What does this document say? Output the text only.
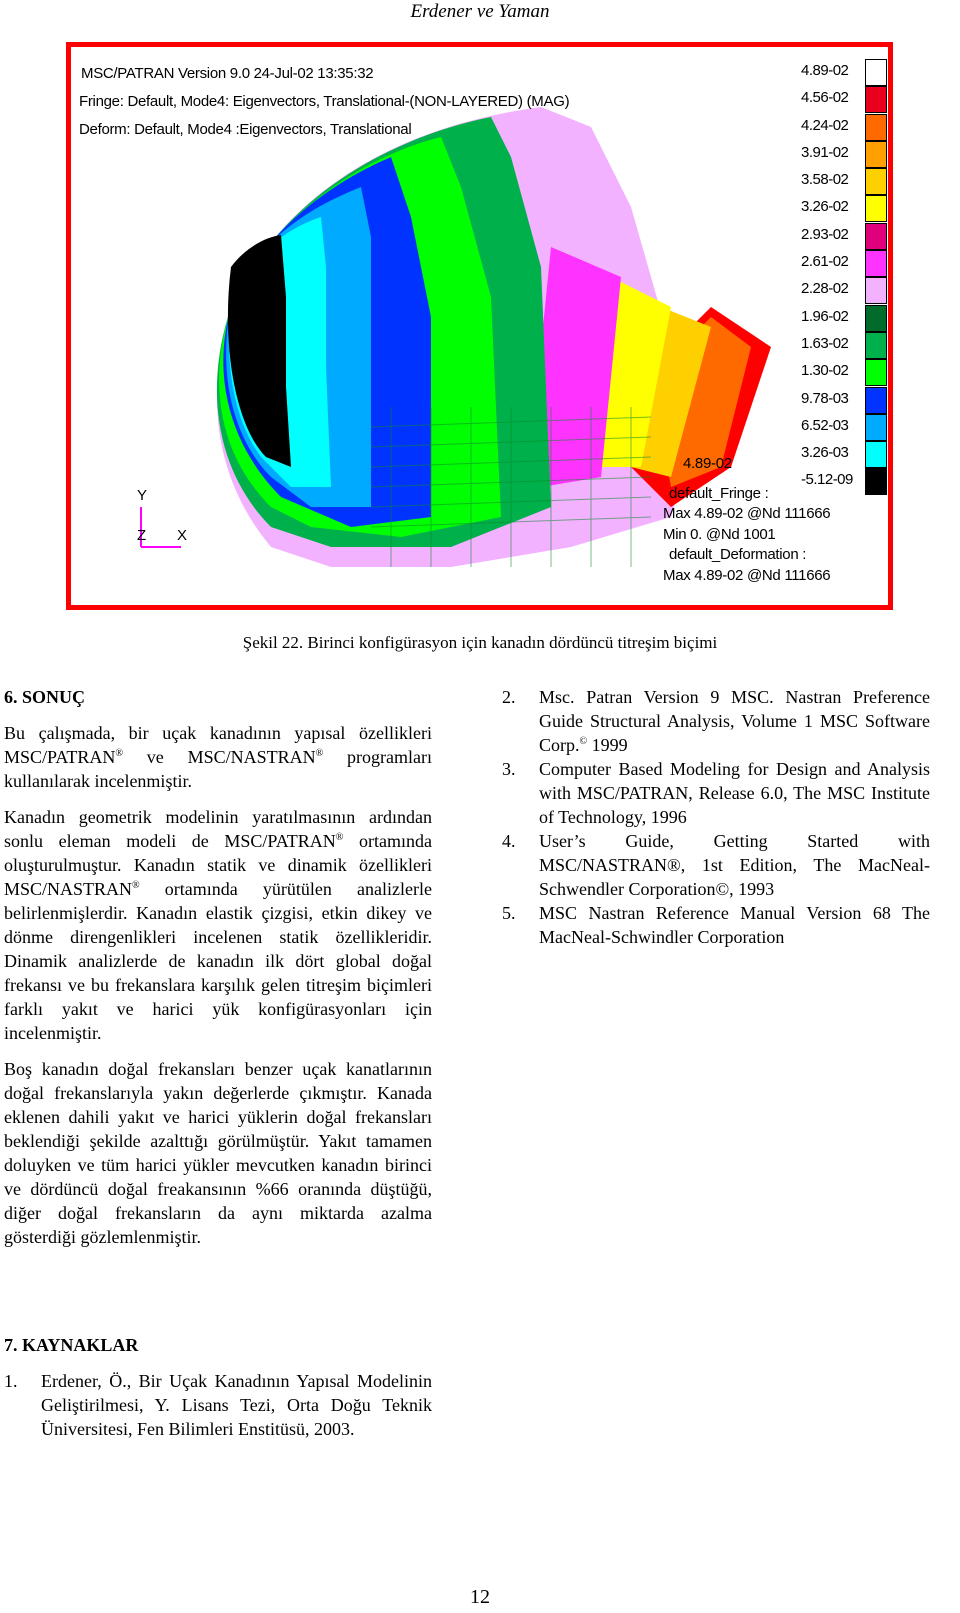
Erdener ve Yaman
MSC/PATRAN Version 9.0 24-Jul-02 13:35:32
Fringe: Default, Mode4: Eigenvectors, Translational-(NON-LAYERED) (MAG)
Deform: Default, Mode4 :Eigenvectors, Translational
4.89-02
4.56-02
4.24-02
3.91-02
3.58-02
3.26-02
2.93-02
2.61-02
2.28-02
1.96-02
1.63-02
1.30-02
9.78-03
6.52-03
3.26-03
-5.12-09
4.89-02
Y
Z X
default_Fringe :
Max 4.89-02 @Nd 111666
Min 0. @Nd 1001
default_Deformation :
Max 4.89-02 @Nd 111666
Şekil 22. Birinci konfigürasyon için kanadın dördüncü titreşim biçimi
6. SONUÇ

Bu çalışmada, bir uçak kanadının yapısal özellikleri MSC/PATRAN® ve MSC/NASTRAN® programları kullanılarak incelenmiştir.

Kanadın geometrik modelinin yaratılmasının ardından sonlu eleman modeli de MSC/PATRAN® ortamında oluşturulmuştur. Kanadın statik ve dinamik özellikleri MSC/NASTRAN® ortamında yürütülen analizlerle belirlenmişlerdir. Kanadın elastik çizgisi, etkin dikey ve dönme direngenlikleri incelenen statik özellikleridir. Dinamik analizlerde de kanadın ilk dört global doğal frekansı ve bu frekanslara karşılık gelen titreşim biçimleri farklı yakıt ve harici yük konfigürasyonları için incelenmiştir.

Boş kanadın doğal frekansları benzer uçak kanatlarının doğal frekanslarıyla yakın değerlerde çıkmıştır. Kanada eklenen dahili yakıt ve harici yüklerin doğal frekansları beklendiği şekilde azalttığı görülmüştür. Yakıt tamamen doluyken ve tüm harici yükler mevcutken kanadın birinci ve dördüncü doğal freakansının %66 oranında düştüğü, diğer doğal frekansların da aynı miktarda azalma gösterdiği gözlemlenmiştir.

7. KAYNAKLAR
1. Erdener, Ö., Bir Uçak Kanadının Yapısal Modelinin Geliştirilmesi, Y. Lisans Tezi, Orta Doğu Teknik Üniversitesi, Fen Bilimleri Enstitüsü, 2003.
2. Msc. Patran Version 9 MSC. Nastran Preference Guide Structural Analysis, Volume 1 MSC Software Corp.© 1999
3. Computer Based Modeling for Design and Analysis with MSC/PATRAN, Release 6.0, The MSC Institute of Technology, 1996
4. User’s Guide, Getting Started with MSC/NASTRAN®, 1st Edition, The MacNeal-Schwendler Corporation©, 1993
5. MSC Nastran Reference Manual Version 68 The MacNeal-Schwindler Corporation
12
